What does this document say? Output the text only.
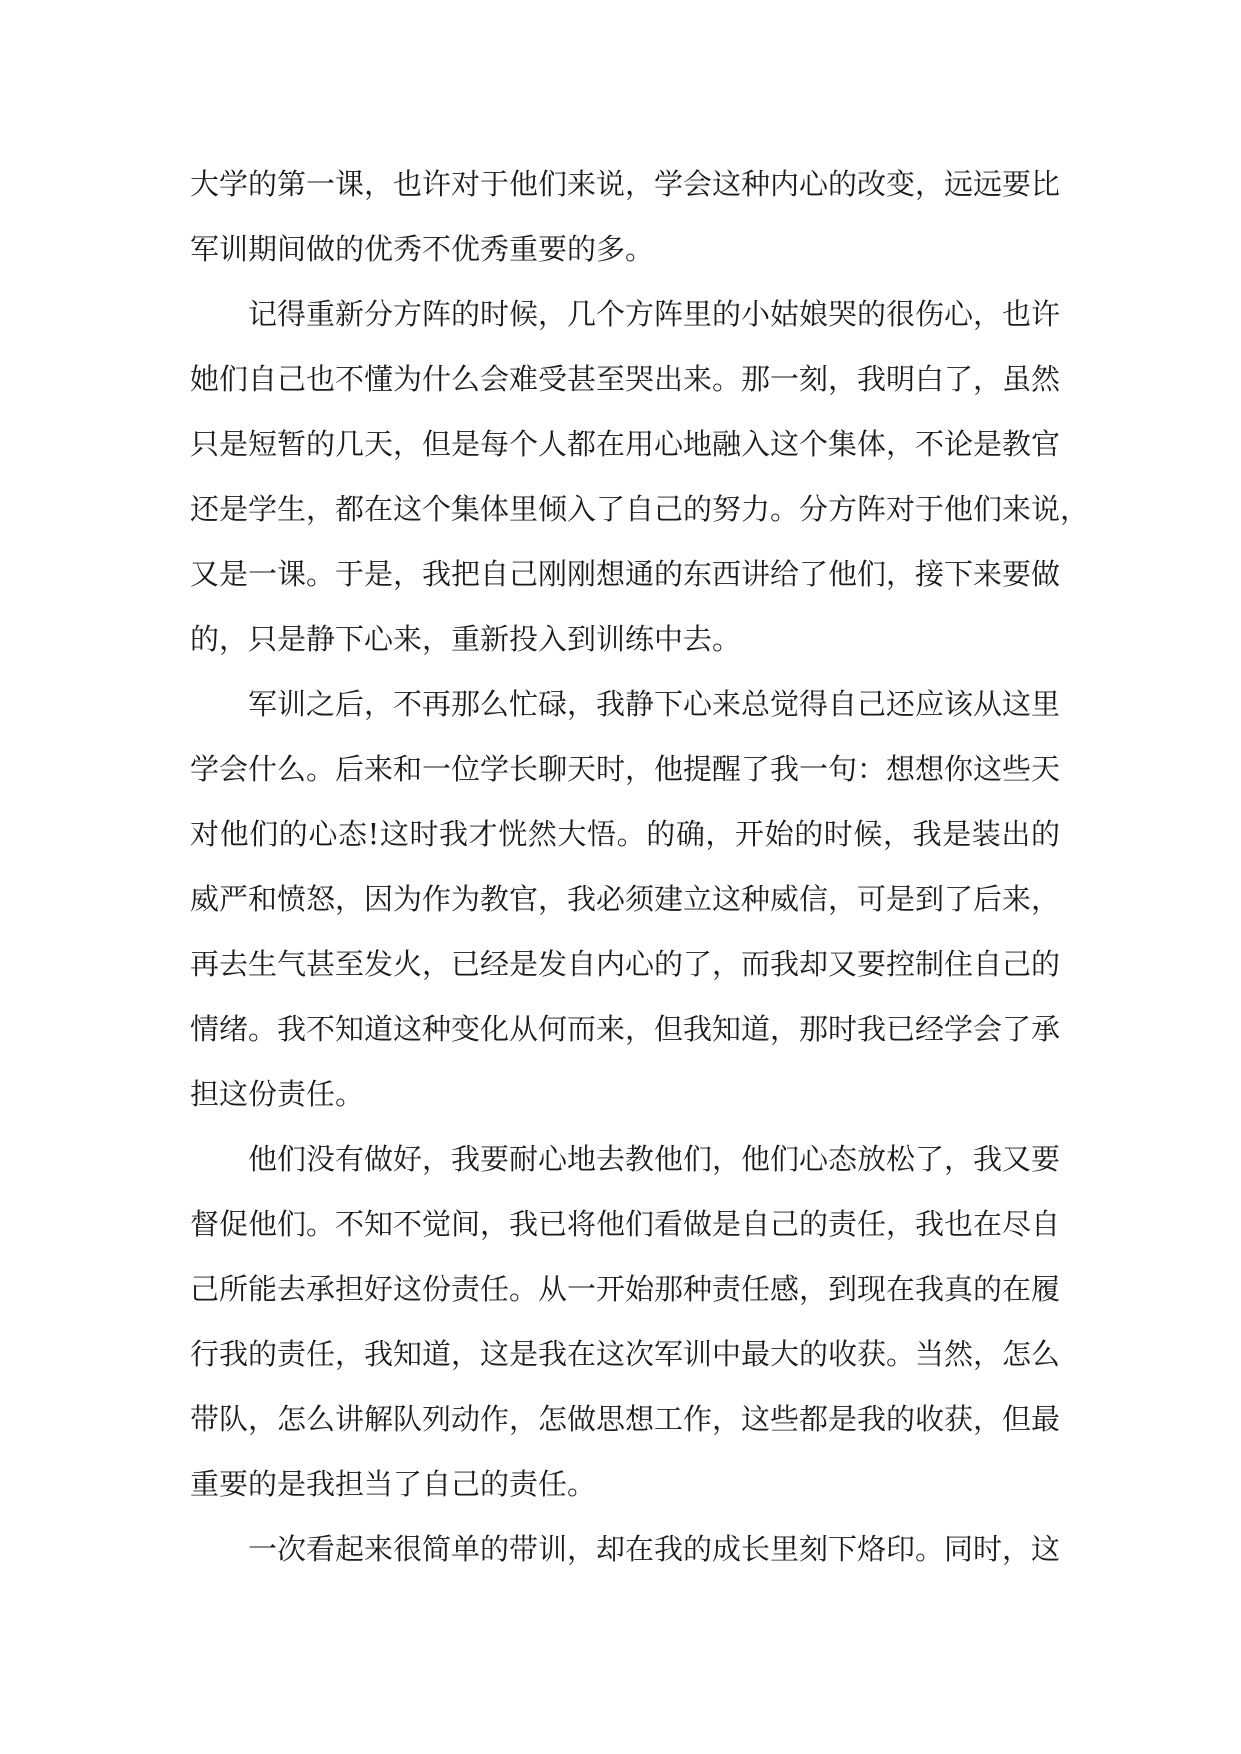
大学的第一课，也许对于他们来说，学会这种内心的改变，远远要比
军训期间做的优秀不优秀重要的多。
记得重新分方阵的时候，几个方阵里的小姑娘哭的很伤心，也许
她们自己也不懂为什么会难受甚至哭出来。那一刻，我明白了，虽然
只是短暂的几天，但是每个人都在用心地融入这个集体，不论是教官
还是学生，都在这个集体里倾入了自己的努力。分方阵对于他们来说，
又是一课。于是，我把自己刚刚想通的东西讲给了他们，接下来要做
的，只是静下心来，重新投入到训练中去。
军训之后，不再那么忙碌，我静下心来总觉得自己还应该从这里
学会什么。后来和一位学长聊天时，他提醒了我一句：想想你这些天
对他们的心态!这时我才恍然大悟。的确，开始的时候，我是装出的
威严和愤怒，因为作为教官，我必须建立这种威信，可是到了后来，
再去生气甚至发火，已经是发自内心的了，而我却又要控制住自己的
情绪。我不知道这种变化从何而来，但我知道，那时我已经学会了承
担这份责任。
他们没有做好，我要耐心地去教他们，他们心态放松了，我又要
督促他们。不知不觉间，我已将他们看做是自己的责任，我也在尽自
己所能去承担好这份责任。从一开始那种责任感，到现在我真的在履
行我的责任，我知道，这是我在这次军训中最大的收获。当然，怎么
带队，怎么讲解队列动作，怎做思想工作，这些都是我的收获，但最
重要的是我担当了自己的责任。
一次看起来很简单的带训，却在我的成长里刻下烙印。同时，这
